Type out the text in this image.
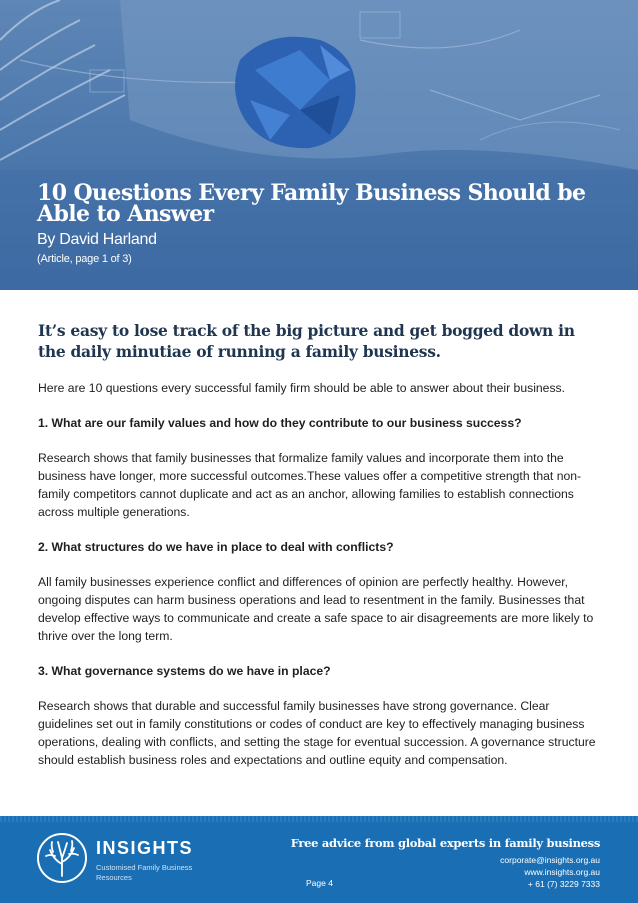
10 Questions Every Family Business Should be Able to Answer
By David Harland
(Article, page 1 of 3)
It’s easy to lose track of the big picture and get bogged down in the daily minutiae of running a family business.
Here are 10 questions every successful family firm should be able to answer about their business.
1. What are our family values and how do they contribute to our business success?
Research shows that family businesses that formalize family values and incorporate them into the business have longer, more successful outcomes.These values offer a competitive strength that non-family competitors cannot duplicate and act as an anchor, allowing families to establish connections across multiple generations.
2. What structures do we have in place to deal with conflicts?
All family businesses experience conflict and differences of opinion are perfectly healthy. However, ongoing disputes can harm business operations and lead to resentment in the family. Businesses that develop effective ways to communicate and create a safe space to air disagreements are more likely to thrive over the long term.
3. What governance systems do we have in place?
Research shows that durable and successful family businesses have strong governance. Clear guidelines set out in family constitutions or codes of conduct are key to effectively managing business operations, dealing with conflicts, and setting the stage for eventual succession. A governance structure should establish business roles and expectations and outline equity and compensation.
INSIGHTS
Customised Family Business Resources
Free advice from global experts in family business
corporate@insights.org.au
www.insights.org.au
+ 61 (7) 3229 7333
Page 4
